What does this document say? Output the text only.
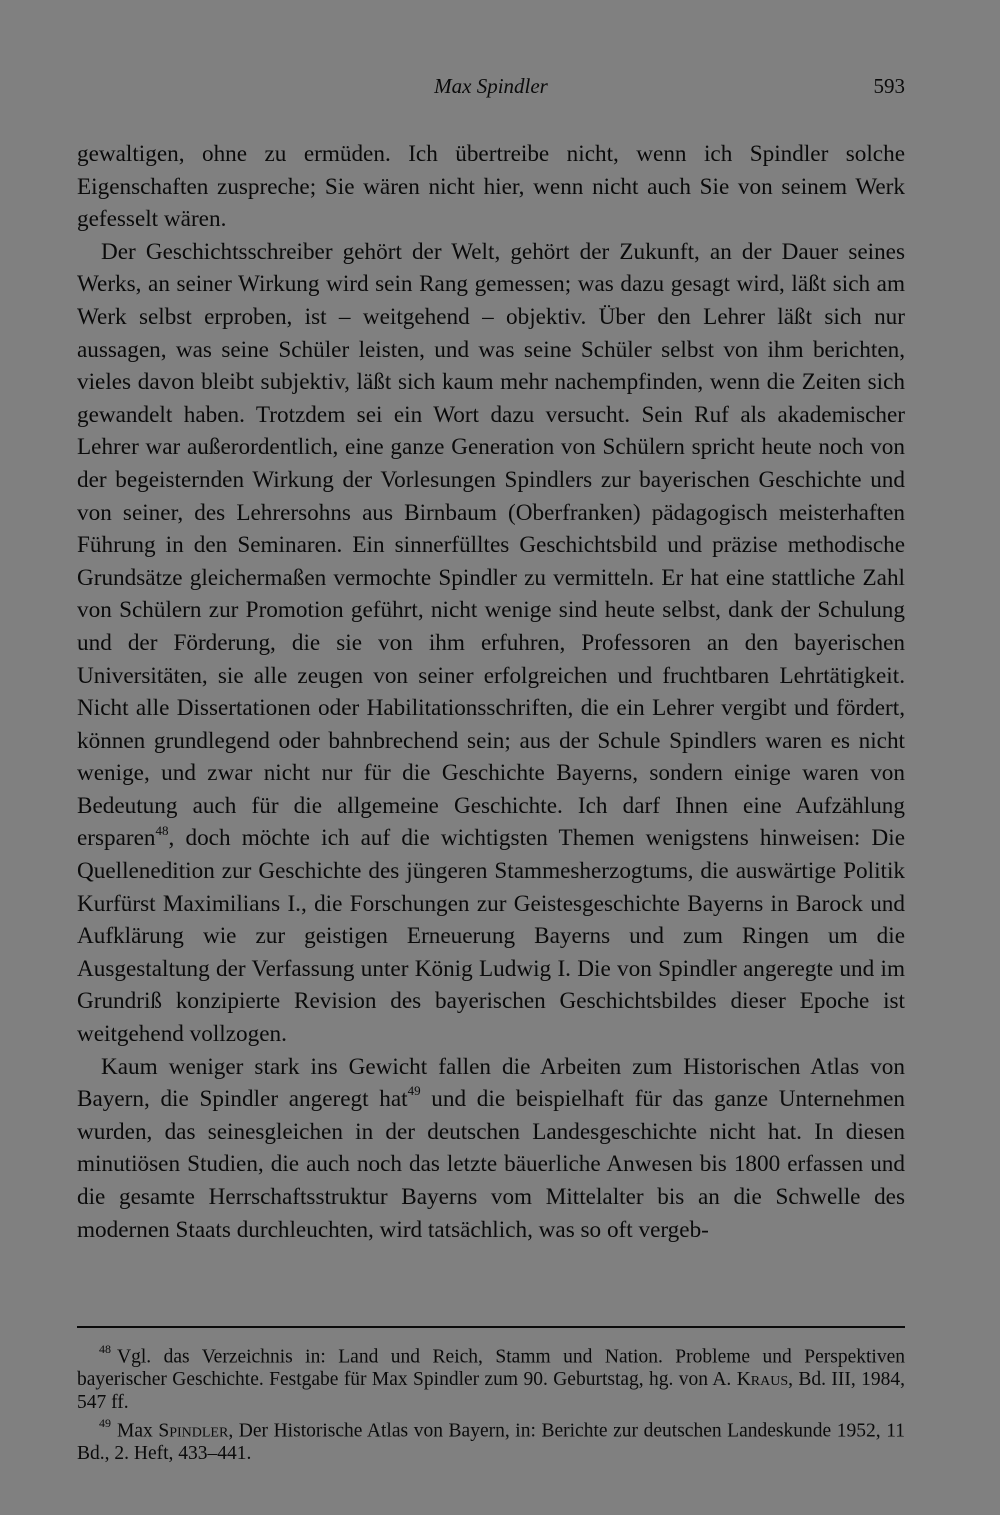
Max Spindler	593

gewaltigen, ohne zu ermüden. Ich übertreibe nicht, wenn ich Spindler solche Eigenschaften zuspreche; Sie wären nicht hier, wenn nicht auch Sie von seinem Werk gefesselt wären.

Der Geschichtsschreiber gehört der Welt, gehört der Zukunft, an der Dauer seines Werks, an seiner Wirkung wird sein Rang gemessen; was dazu gesagt wird, läßt sich am Werk selbst erproben, ist – weitgehend – objektiv. Über den Lehrer läßt sich nur aussagen, was seine Schüler leisten, und was seine Schüler selbst von ihm berichten, vieles davon bleibt subjektiv, läßt sich kaum mehr nachempfinden, wenn die Zeiten sich gewandelt haben. Trotzdem sei ein Wort dazu versucht. Sein Ruf als akademischer Lehrer war außerordentlich, eine ganze Generation von Schülern spricht heute noch von der begeisternden Wirkung der Vorlesungen Spindlers zur bayerischen Geschichte und von seiner, des Lehrersohns aus Birnbaum (Oberfranken) pädagogisch meisterhaften Führung in den Seminaren. Ein sinnerfülltes Geschichtsbild und präzise methodische Grundsätze gleichermaßen vermochte Spindler zu vermitteln. Er hat eine stattliche Zahl von Schülern zur Promotion geführt, nicht wenige sind heute selbst, dank der Schulung und der Förderung, die sie von ihm erfuhren, Professoren an den bayerischen Universitäten, sie alle zeugen von seiner erfolgreichen und fruchtbaren Lehrtätigkeit. Nicht alle Dissertationen oder Habilitationsschriften, die ein Lehrer vergibt und fördert, können grundlegend oder bahnbrechend sein; aus der Schule Spindlers waren es nicht wenige, und zwar nicht nur für die Geschichte Bayerns, sondern einige waren von Bedeutung auch für die allgemeine Geschichte. Ich darf Ihnen eine Aufzählung ersparen$^{48}$, doch möchte ich auf die wichtigsten Themen wenigstens hinweisen: Die Quellenedition zur Geschichte des jüngeren Stammesherzogtums, die auswärtige Politik Kurfürst Maximilians I., die Forschungen zur Geistesgeschichte Bayerns in Barock und Aufklärung wie zur geistigen Erneuerung Bayerns und zum Ringen um die Ausgestaltung der Verfassung unter König Ludwig I. Die von Spindler angeregte und im Grundriß konzipierte Revision des bayerischen Geschichtsbildes dieser Epoche ist weitgehend vollzogen.

Kaum weniger stark ins Gewicht fallen die Arbeiten zum Historischen Atlas von Bayern, die Spindler angeregt hat$^{49}$ und die beispielhaft für das ganze Unternehmen wurden, das seinesgleichen in der deutschen Landesgeschichte nicht hat. In diesen minutiösen Studien, die auch noch das letzte bäuerliche Anwesen bis 1800 erfassen und die gesamte Herrschaftsstruktur Bayerns vom Mittelalter bis an die Schwelle des modernen Staats durchleuchten, wird tatsächlich, was so oft vergeb-

$^{48}$ Vgl. das Verzeichnis in: Land und Reich, Stamm und Nation. Probleme und Perspektiven bayerischer Geschichte. Festgabe für Max Spindler zum 90. Geburtstag, hg. von A. Kraus, Bd. III, 1984, 547 ff.

$^{49}$ Max Spindler, Der Historische Atlas von Bayern, in: Berichte zur deutschen Landeskunde 1952, 11 Bd., 2. Heft, 433–441.
